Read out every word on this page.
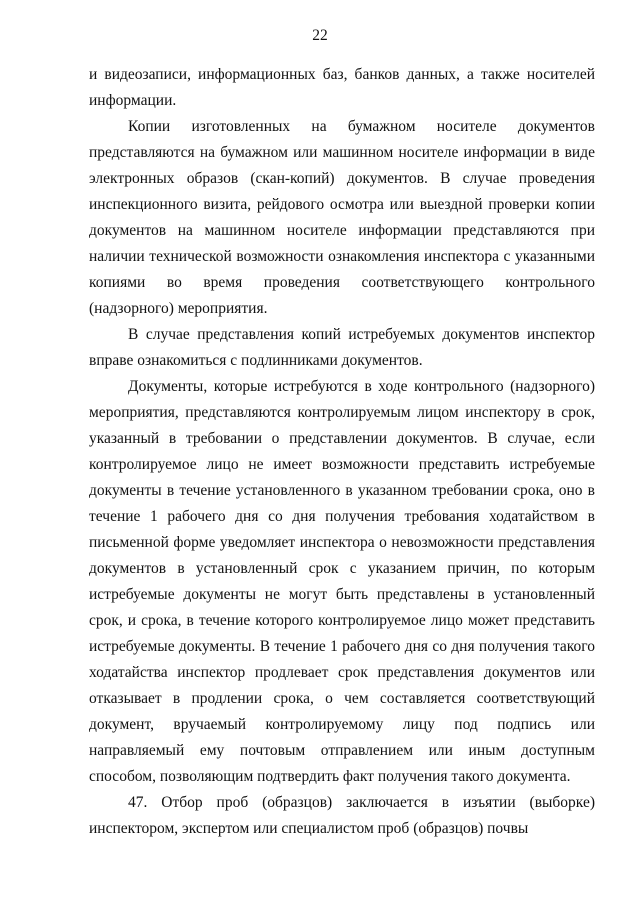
22

и видеозаписи, информационных баз, банков данных, а также носителей информации.

Копии изготовленных на бумажном носителе документов представляются на бумажном или машинном носителе информации в виде электронных образов (скан-копий) документов. В случае проведения инспекционного визита, рейдового осмотра или выездной проверки копии документов на машинном носителе информации представляются при наличии технической возможности ознакомления инспектора с указанными копиями во время проведения соответствующего контрольного (надзорного) мероприятия.

В случае представления копий истребуемых документов инспектор вправе ознакомиться с подлинниками документов.

Документы, которые истребуются в ходе контрольного (надзорного) мероприятия, представляются контролируемым лицом инспектору в срок, указанный в требовании о представлении документов. В случае, если контролируемое лицо не имеет возможности представить истребуемые документы в течение установленного в указанном требовании срока, оно в течение 1 рабочего дня со дня получения требования ходатайством в письменной форме уведомляет инспектора о невозможности представления документов в установленный срок с указанием причин, по которым истребуемые документы не могут быть представлены в установленный срок, и срока, в течение которого контролируемое лицо может представить истребуемые документы. В течение 1 рабочего дня со дня получения такого ходатайства инспектор продлевает срок представления документов или отказывает в продлении срока, о чем составляется соответствующий документ, вручаемый контролируемому лицу под подпись или направляемый ему почтовым отправлением или иным доступным способом, позволяющим подтвердить факт получения такого документа.

47. Отбор проб (образцов) заключается в изъятии (выборке) инспектором, экспертом или специалистом проб (образцов) почвы
